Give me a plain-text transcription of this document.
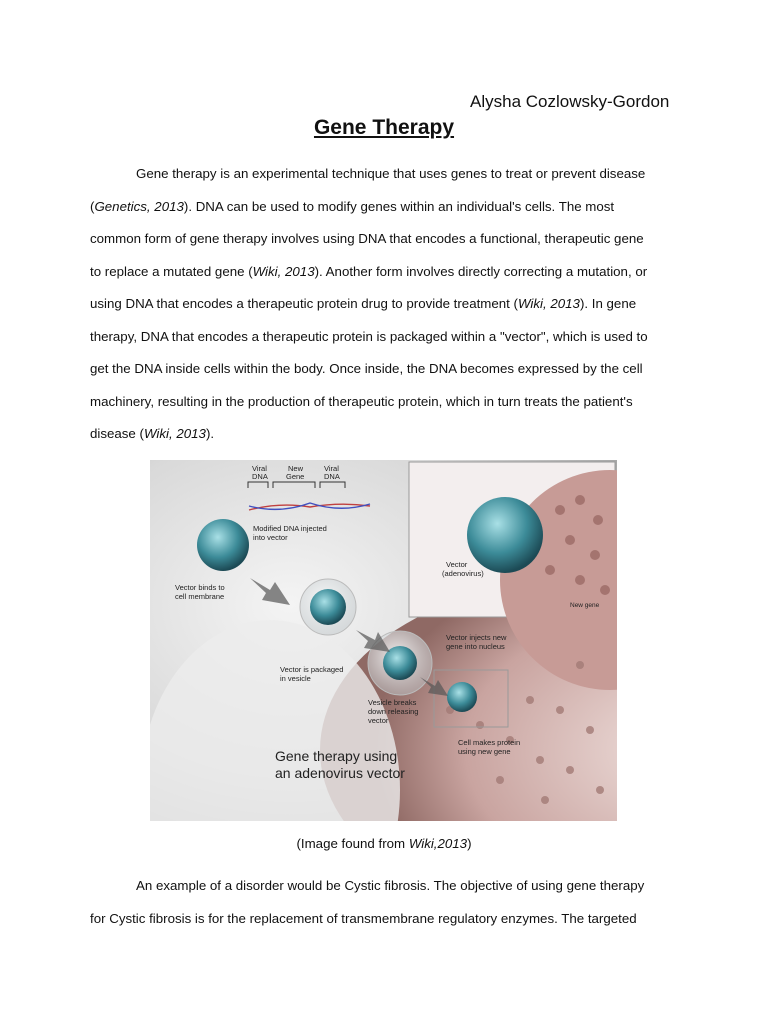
Alysha Cozlowsky-Gordon
Gene Therapy
Gene therapy is an experimental technique that uses genes to treat or prevent disease
(Genetics, 2013). DNA can be used to modify genes within an individual's cells. The most
common form of gene therapy involves using DNA that encodes a functional, therapeutic gene
to replace a mutated gene (Wiki, 2013). Another form involves directly correcting a mutation, or
using DNA that encodes a therapeutic protein drug to provide treatment (Wiki, 2013). In gene
therapy, DNA that encodes a therapeutic protein is packaged within a "vector", which is used to
get the DNA inside cells within the body. Once inside, the DNA becomes expressed by the cell
machinery, resulting in the production of therapeutic protein, which in turn treats the patient's
disease (Wiki, 2013).
Viral
DNA
New
Gene
Viral
DNA
Modified DNA injected
into vector
Vector binds to
cell membrane
Vector
(adenovirus)
New gene
Vector injects new
gene into nucleus
Vector is packaged
in vesicle
Vesicle breaks
down releasing
vector
Cell makes protein
using new gene
Gene therapy using
an adenovirus vector
(Image found from Wiki,2013)
An example of a disorder would be Cystic fibrosis. The objective of using gene therapy
for Cystic fibrosis is for the replacement of transmembrane regulatory enzymes. The targeted
